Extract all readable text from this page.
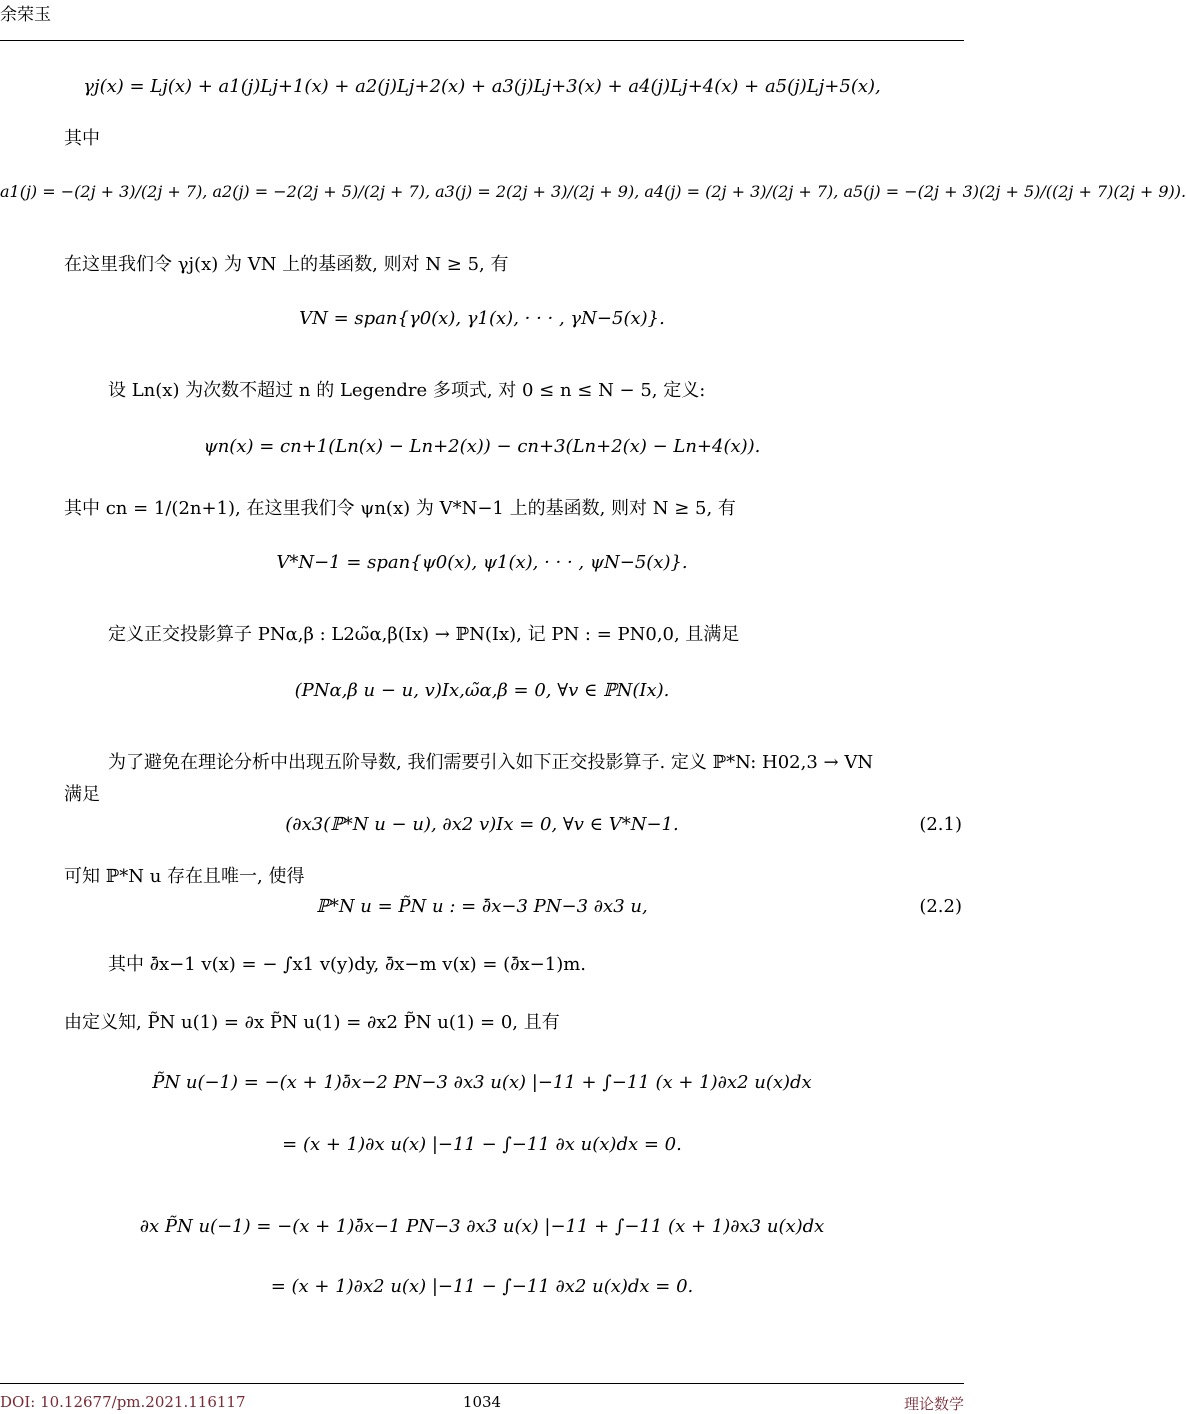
余荣玉
γj(x) = Lj(x) + a1(j)Lj+1(x) + a2(j)Lj+2(x) + a3(j)Lj+3(x) + a4(j)Lj+4(x) + a5(j)Lj+5(x),
其中
a1(j) = −(2j + 3)/(2j + 7), a2(j) = −2(2j + 5)/(2j + 7), a3(j) = 2(2j + 3)/(2j + 9), a4(j) = (2j + 3)/(2j + 7), a5(j) = −(2j + 3)(2j + 5)/((2j + 7)(2j + 9)).
在这里我们令 γj(x) 为 VN 上的基函数, 则对 N ≥ 5, 有
VN = span{γ0(x), γ1(x), · · · , γN−5(x)}.
设 Ln(x) 为次数不超过 n 的 Legendre 多项式, 对 0 ≤ n ≤ N − 5, 定义:
ψn(x) = cn+1(Ln(x) − Ln+2(x)) − cn+3(Ln+2(x) − Ln+4(x)).
其中 cn = 1/(2n+1), 在这里我们令 ψn(x) 为 V*N−1 上的基函数, 则对 N ≥ 5, 有
V*N−1 = span{ψ0(x), ψ1(x), · · · , ψN−5(x)}.
定义正交投影算子 PNα,β : L2ω̃α,β(Ix) → ℙN(Ix), 记 PN : = PN0,0, 且满足
(PNα,β u − u, v)Ix,ω̃α,β = 0, ∀v ∈ ℙN(Ix).
为了避免在理论分析中出现五阶导数, 我们需要引入如下正交投影算子. 定义 ℙ*N: H02,3 → VN
满足
(∂x3(ℙ*N u − u), ∂x2 v)Ix = 0, ∀v ∈ V*N−1.	(2.1)
可知 ℙ*N u 存在且唯一, 使得
ℙ*N u = P̃N u : = ∂̄x−3 PN−3 ∂x3 u,	(2.2)
其中 ∂̄x−1 v(x) = − ∫x1 v(y)dy, ∂̄x−m v(x) = (∂̄x−1)m.
由定义知, P̃N u(1) = ∂x P̃N u(1) = ∂x2 P̃N u(1) = 0, 且有
P̃N u(−1) = −(x + 1)∂̄x−2 PN−3 ∂x3 u(x) |−11 + ∫−11 (x + 1)∂x2 u(x)dx
= (x + 1)∂x u(x) |−11 − ∫−11 ∂x u(x)dx = 0.
∂x P̃N u(−1) = −(x + 1)∂̄x−1 PN−3 ∂x3 u(x) |−11 + ∫−11 (x + 1)∂x3 u(x)dx
= (x + 1)∂x2 u(x) |−11 − ∫−11 ∂x2 u(x)dx = 0.
DOI: 10.12677/pm.2021.116117	1034	理论数学
